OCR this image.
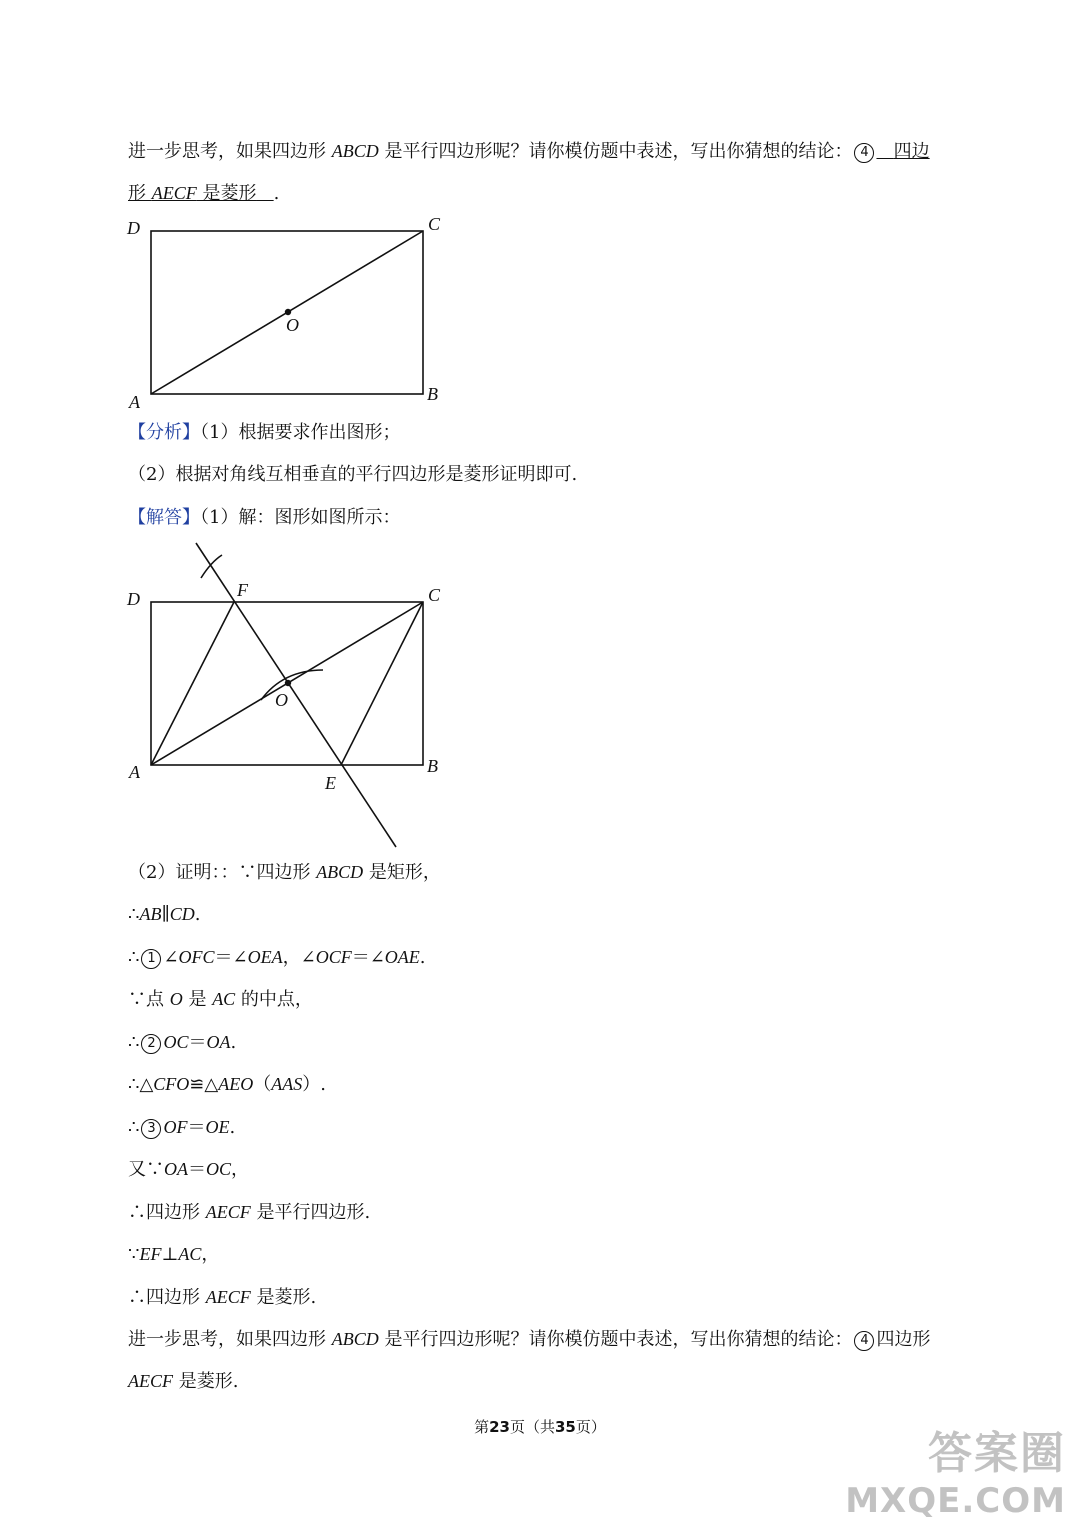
进一步思考，如果四边形 ABCD 是平行四边形呢？请你模仿题中表述，写出你猜想的结论： 4 四边
形 AECF 是菱形 .
D	C
O
A	B
D	F	C
O
A
E
B
【分析】（1）根据要求作出图形；
（2）根据对角线互相垂直的平行四边形是菱形证明即可.
【解答】（1）解：图形如图所示：
（2）证明：：∵四边形 ABCD 是矩形，
∴AB∥CD.
∴ 1 ∠OFC＝∠OEA，∠OCF＝∠OAE.
∵点 O 是 AC 的中点，
∴ 2 OC＝OA.
∴△CFO≌△AEO（AAS）.
∴ 3 OF＝OE.
又∵OA＝OC，
∴四边形 AECF 是平行四边形.
∵EF⊥AC，
∴四边形 AECF 是菱形.
进一步思考，如果四边形 ABCD 是平行四边形呢？请你模仿题中表述，写出你猜想的结论： 4 四边形
AECF 是菱形.
第23页（共35页）
答案圈
MXQE.COM
